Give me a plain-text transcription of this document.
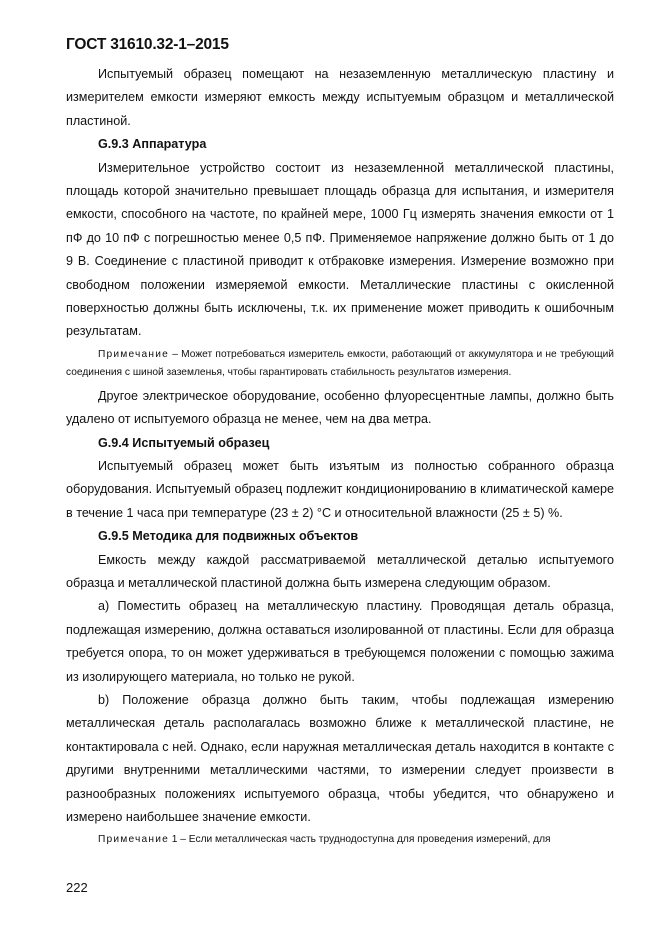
ГОСТ 31610.32-1–2015

Испытуемый образец помещают на незаземленную металлическую пластину и измерителем емкости измеряют емкость между испытуемым образцом и металлической пластиной.

G.9.3 Аппаратура

Измерительное устройство состоит из незаземленной металлической пластины, площадь которой значительно превышает площадь образца для испытания, и измерителя емкости, способного на частоте, по крайней мере, 1000 Гц измерять значения емкости от 1 пФ до 10 пФ с погрешностью менее 0,5 пФ. Применяемое напряжение должно быть от 1 до 9 В. Соединение с пластиной приводит к отбраковке измерения. Измерение возможно при свободном положении измеряемой емкости. Металлические пластины с окисленной поверхностью должны быть исключены, т.к. их применение может приводить к ошибочным результатам.

Примечание – Может потребоваться измеритель емкости, работающий от аккумулятора и не требующий соединения с шиной заземленья, чтобы гарантировать стабильность результатов измерения.

Другое электрическое оборудование, особенно флуоресцентные лампы, должно быть удалено от испытуемого образца не менее, чем на два метра.

G.9.4 Испытуемый образец

Испытуемый образец может быть изъятым из полностью собранного образца оборудования. Испытуемый образец подлежит кондиционированию в климатической камере в течение 1 часа при температуре (23 ± 2) °С и относительной влажности (25 ± 5) %.

G.9.5 Методика для подвижных объектов

Емкость между каждой рассматриваемой металлической деталью испытуемого образца и металлической пластиной должна быть измерена следующим образом.

а) Поместить образец на металлическую пластину. Проводящая деталь образца, подлежащая измерению, должна оставаться изолированной от пластины. Если для образца требуется опора, то он может удерживаться в требующемся положении с помощью зажима из изолирующего материала, но только не рукой.

b) Положение образца должно быть таким, чтобы подлежащая измерению металлическая деталь располагалась возможно ближе к металлической пластине, не контактировала с ней. Однако, если наружная металлическая деталь находится в контакте с другими внутренними металлическими частями, то измерении следует произвести в разнообразных положениях испытуемого образца, чтобы убедится, что обнаружено и измерено наибольшее значение емкости.

Примечание 1 – Если металлическая часть труднодоступна для проведения измерений, для

222
